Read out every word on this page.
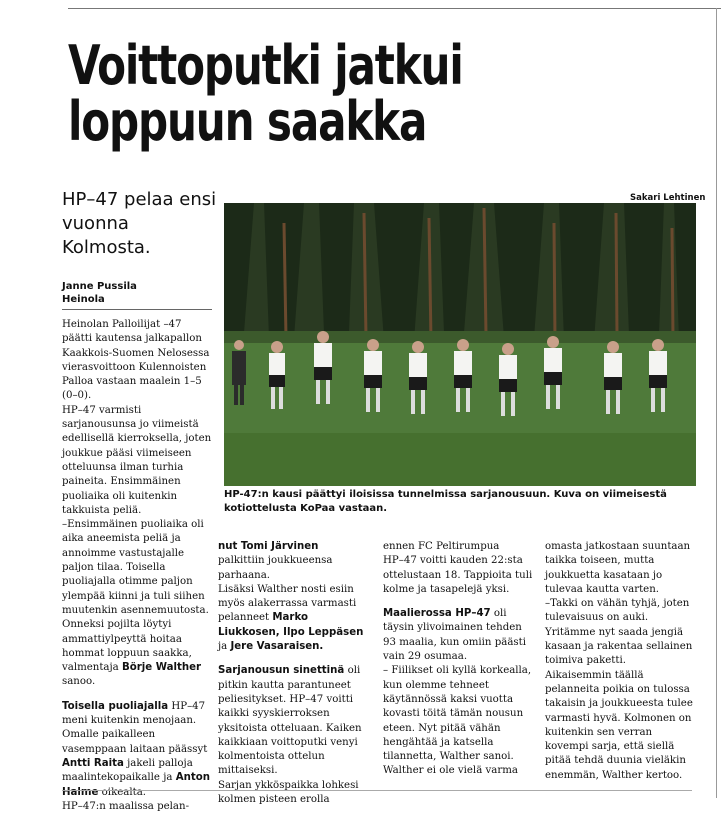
Voittoputki jatkui
loppuun saakka
HP–47 pelaa ensi vuonna Kolmosta.
Sakari Lehtinen
Janne Pussila
Heinola
HP-47:n kausi päättyi iloisissa tunnelmissa sarjanousuun. Kuva on viimeisestä kotiottelusta KoPaa vastaan.

Heinolan Palloilijat –47 päätti kautensa jalkapallon Kaakkois-Suomen Nelosessa vierasvoittoon Kulennoisten Palloa vastaan maalein 1–5 (0–0).

HP–47 varmisti sarjanousunsa jo viimeistä edellisellä kierroksella, joten joukkue pääsi viimeiseen otteluunsa ilman turhia paineita. Ensimmäinen puoliaika oli kuitenkin takkuista peliä.

–Ensimmäinen puoliaika oli aika aneemista peliä ja annoimme vastustajalle paljon tilaa. Toisella puoliajalla otimme paljon ylempää kiinni ja tuli siihen muutenkin asennemuutosta. Onneksi pojilta löytyi ammattiylpeyttä hoitaa hommat loppuun saakka, valmentaja Börje Walther sanoo.

Toisella puoliajalla HP–47 meni kuitenkin menojaan. Omalle paikalleen vasemppaan laitaan päässyt Antti Raita jakeli palloja maalintekopaikalle ja Anton Halme oikealta.

HP–47:n maalissa pelan-

nut Tomi Järvinen palkittiin joukkueensa parhaana.

Lisäksi Walther nosti esiin myös alakerrassa varmasti pelanneet Marko Liukkosen, Ilpo Leppäsen ja Jere Vasaraisen.

Sarjanousun sinettinä oli pitkin kautta parantuneet peliesitykset. HP–47 voitti kaikki syyskierroksen yksitoista otteluaan. Kaiken kaikkiaan voittoputki venyi kolmentoista ottelun mittaiseksi.

Sarjan ykköspaikka lohkesi kolmen pisteen erolla

ennen FC Peltirumpua

HP–47 voitti kauden 22:sta ottelustaan 18. Tappioita tuli kolme ja tasapelejä yksi.

Maalierossa HP–47 oli täysin ylivoimainen tehden 93 maalia, kun omiin päästi vain 29 osumaa.

– Fiilikset oli kyllä korkealla, kun olemme tehneet käytännössä kaksi vuotta kovasti töitä tämän nousun eteen. Nyt pitää vähän hengähtää ja katsella tilannetta, Walther sanoi.

Walther ei ole vielä varma

omasta jatkostaan suuntaan taikka toiseen, mutta joukkuetta kasataan jo tulevaa kautta varten.

–Takki on vähän tyhjä, joten tulevaisuus on auki. Yritämme nyt saada jengiä kasaan ja rakentaa sellainen toimiva paketti. Aikaisemmin täällä pelanneita poikia on tulossa takaisin ja joukkueesta tulee varmasti hyvä. Kolmonen on kuitenkin sen verran kovempi sarja, että siellä pitää tehdä duunia vieläkin enemmän, Walther kertoo.
